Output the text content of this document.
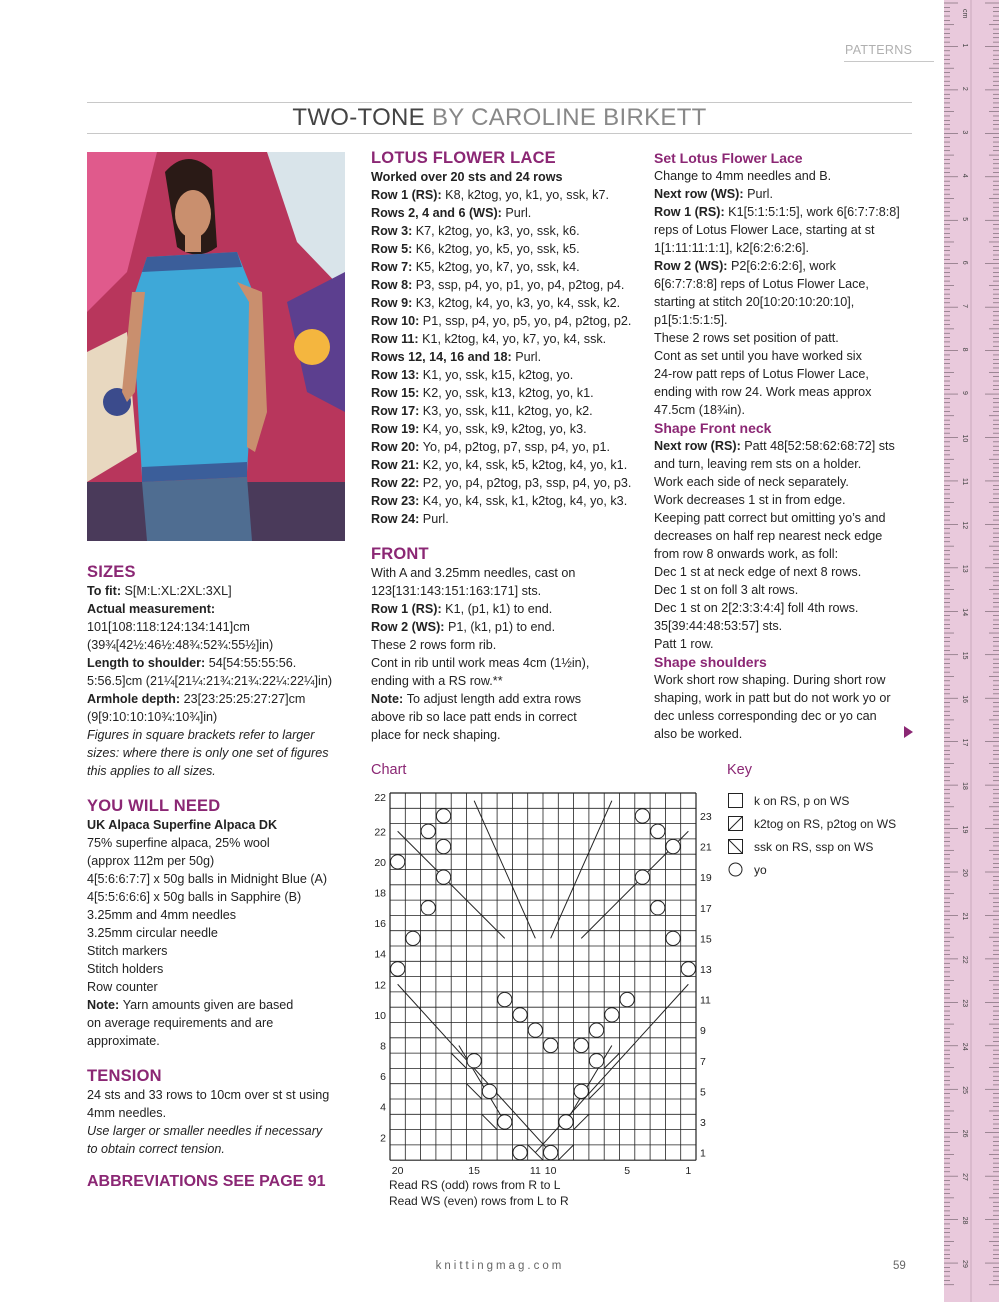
PATTERNS
TWO-TONE BY CAROLINE BIRKETT
SIZES

To fit: S[M:L:XL:2XL:3XL]

Actual measurement:

101[108:118:124:134:141]cm

(39¾[42½:46½:48¾:52¾:55½]in)

Length to shoulder: 54[54:55:55:56.

5:56.5]cm (21¼[21¼:21¾:21¾:22¼:22¼]in)

Armhole depth: 23[23:25:25:27:27]cm

(9[9:10:10:10¾:10¾]in)

Figures in square brackets refer to larger

sizes: where there is only one set of figures

this applies to all sizes.

YOU WILL NEED

UK Alpaca Superfine Alpaca DK

75% superfine alpaca, 25% wool

(approx 112m per 50g)

4[5:6:6:7:7] x 50g balls in Midnight Blue (A)

4[5:5:6:6:6] x 50g balls in Sapphire (B)

3.25mm and 4mm needles

3.25mm circular needle

Stitch markers

Stitch holders

Row counter

Note: Yarn amounts given are based

on average requirements and are

approximate.

TENSION

24 sts and 33 rows to 10cm over st st using

4mm needles.

Use larger or smaller needles if necessary

to obtain correct tension.

ABBREVIATIONS SEE PAGE 91
LOTUS FLOWER LACE

Worked over 20 sts and 24 rows

Row 1 (RS): K8, k2tog, yo, k1, yo, ssk, k7.

Rows 2, 4 and 6 (WS): Purl.

Row 3: K7, k2tog, yo, k3, yo, ssk, k6.

Row 5: K6, k2tog, yo, k5, yo, ssk, k5.

Row 7: K5, k2tog, yo, k7, yo, ssk, k4.

Row 8: P3, ssp, p4, yo, p1, yo, p4, p2tog, p4.

Row 9: K3, k2tog, k4, yo, k3, yo, k4, ssk, k2.

Row 10: P1, ssp, p4, yo, p5, yo, p4, p2tog, p2.

Row 11: K1, k2tog, k4, yo, k7, yo, k4, ssk.

Rows 12, 14, 16 and 18: Purl.

Row 13: K1, yo, ssk, k15, k2tog, yo.

Row 15: K2, yo, ssk, k13, k2tog, yo, k1.

Row 17: K3, yo, ssk, k11, k2tog, yo, k2.

Row 19: K4, yo, ssk, k9, k2tog, yo, k3.

Row 20: Yo, p4, p2tog, p7, ssp, p4, yo, p1.

Row 21: K2, yo, k4, ssk, k5, k2tog, k4, yo, k1.

Row 22: P2, yo, p4, p2tog, p3, ssp, p4, yo, p3.

Row 23: K4, yo, k4, ssk, k1, k2tog, k4, yo, k3.

Row 24: Purl.

FRONT

With A and 3.25mm needles, cast on

123[131:143:151:163:171] sts.

Row 1 (RS): K1, (p1, k1) to end.

Row 2 (WS): P1, (k1, p1) to end.

These 2 rows form rib.

Cont in rib until work meas 4cm (1½in),

ending with a RS row.**

Note: To adjust length add extra rows

above rib so lace patt ends in correct

place for neck shaping.

Set Lotus Flower Lace

Change to 4mm needles and B.

Next row (WS): Purl.

Row 1 (RS): K1[5:1:5:1:5], work 6[6:7:7:8:8]

reps of Lotus Flower Lace, starting at st

1[1:11:11:1:1], k2[6:2:6:2:6].

Row 2 (WS): P2[6:2:6:2:6], work

6[6:7:7:8:8] reps of Lotus Flower Lace,

starting at stitch 20[10:20:10:20:10],

p1[5:1:5:1:5].

These 2 rows set position of patt.

Cont as set until you have worked six

24-row patt reps of Lotus Flower Lace,

ending with row 24. Work meas approx

47.5cm (18¾in).

Shape Front neck

Next row (RS): Patt 48[52:58:62:68:72] sts

and turn, leaving rem sts on a holder.

Work each side of neck separately.

Work decreases 1 st in from edge.

Keeping patt correct but omitting yo’s and

decreases on half rep nearest neck edge

from row 8 onwards work, as foll:

Dec 1 st at neck edge of next 8 rows.

Dec 1 st on foll 3 alt rows.

Dec 1 st on 2[2:3:3:4:4] foll 4th rows.

35[39:44:48:53:57] sts.

Patt 1 row.

Shape shoulders

Work short row shaping. During short row

shaping, work in patt but do not work yo or

dec unless corresponding dec or yo can

also be worked.

Chart
2
4
6
8
10
12
14
16
18
20
22
22
1
3
5
7
9
11
13
15
17
19
21
23
20	15	11 10	5	1
Read RS (odd) rows from R to L
Read WS (even) rows from L to R
Key
k on RS, p on WS
k2tog on RS, p2tog on WS
ssk on RS, ssp on WS
yo
knittingmag.com	59
cm
1
2
3
4
5
6
7
8
9
10
11
12
13
14
15
16
17
18
19
20
21
22
23
24
25
26
27
28
29
